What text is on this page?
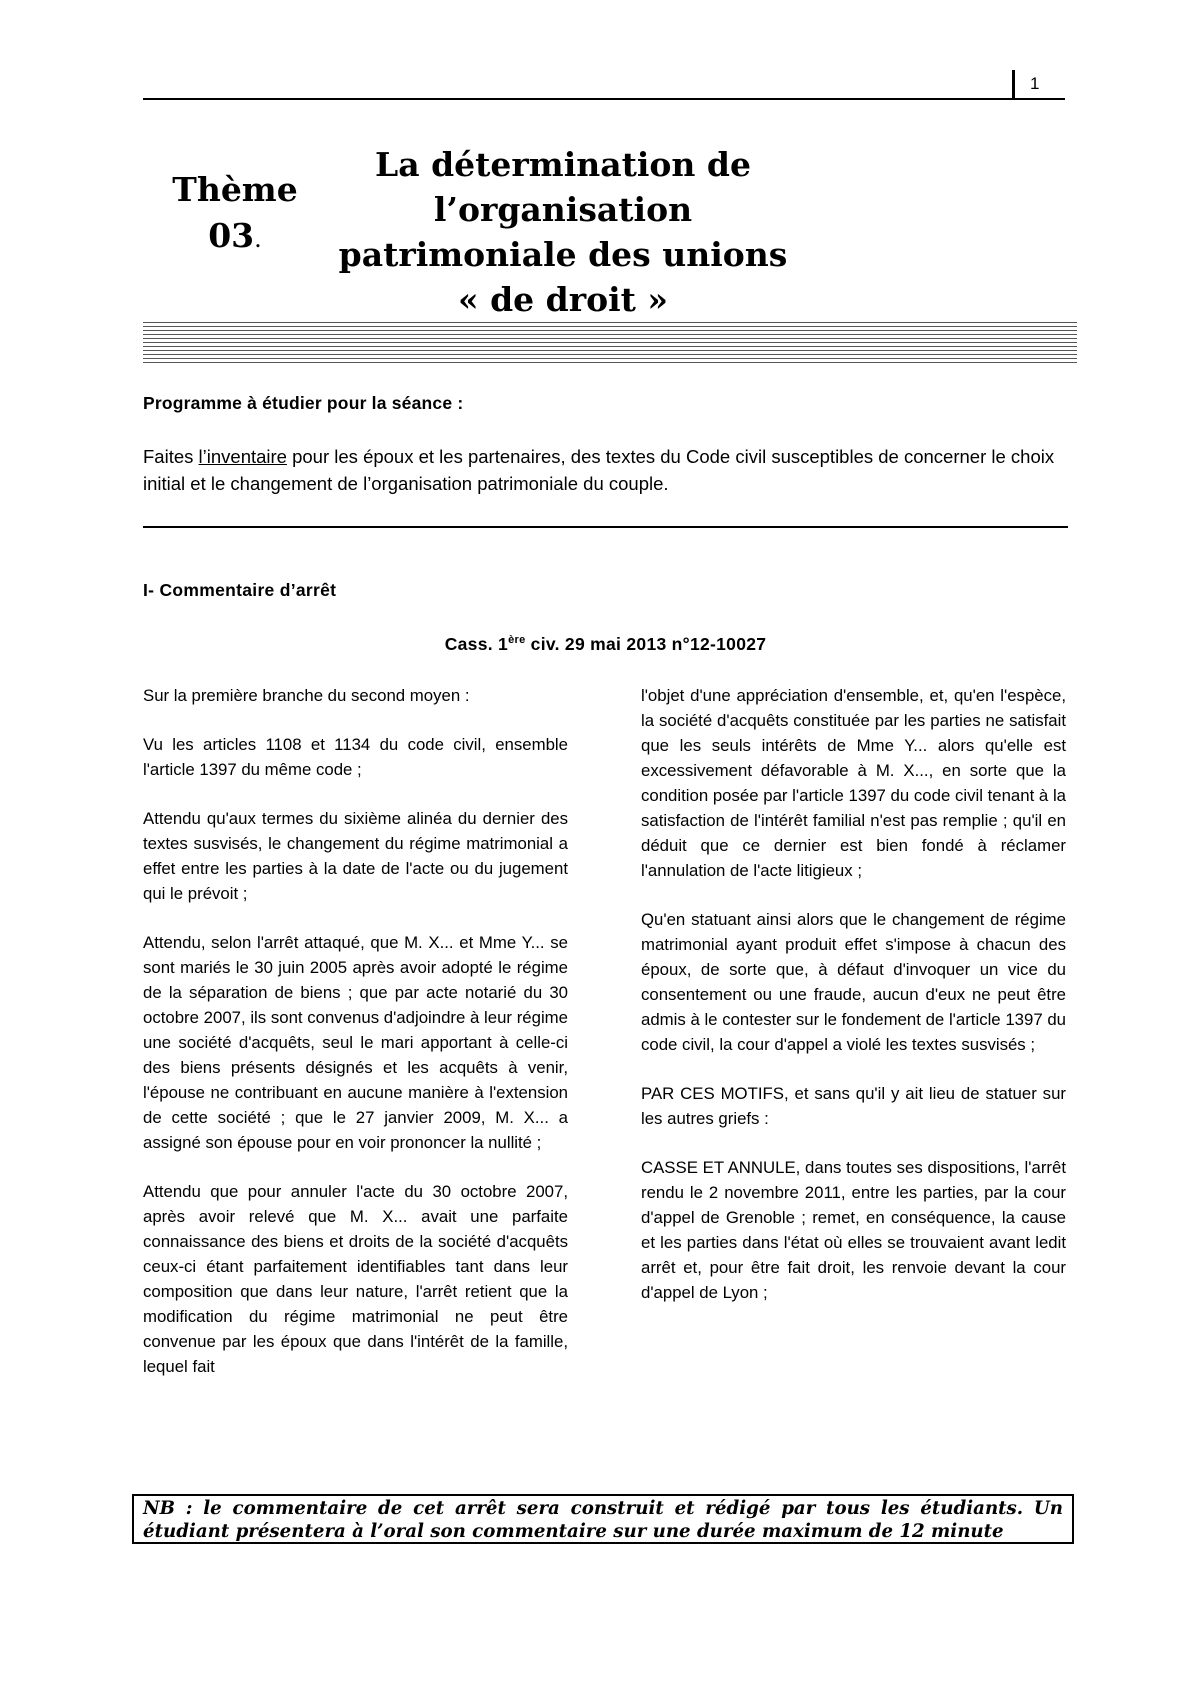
1
Thème 03.
La détermination de
l’organisation
patrimoniale des unions
« de droit »
Programme à étudier pour la séance :
Faites l’inventaire pour les époux et les partenaires, des textes du Code civil susceptibles de concerner le choix initial et le changement de l’organisation patrimoniale du couple.
I- Commentaire d’arrêt
Cass. 1ère civ. 29 mai 2013 n°12-10027

Sur la première branche du second moyen :

Vu les articles 1108 et 1134 du code civil, ensemble l'article 1397 du même code ;

Attendu qu'aux termes du sixième alinéa du dernier des textes susvisés, le changement du régime matrimonial a effet entre les parties à la date de l'acte ou du jugement qui le prévoit ;

Attendu, selon l'arrêt attaqué, que M. X... et Mme Y... se sont mariés le 30 juin 2005 après avoir adopté le régime de la séparation de biens ; que par acte notarié du 30 octobre 2007, ils sont convenus d'adjoindre à leur régime une société d'acquêts, seul le mari apportant à celle-ci des biens présents désignés et les acquêts à venir, l'épouse ne contribuant en aucune manière à l'extension de cette société ; que le 27 janvier 2009, M. X... a assigné son épouse pour en voir prononcer la nullité ;

Attendu que pour annuler l'acte du 30 octobre 2007, après avoir relevé que M. X... avait une parfaite connaissance des biens et droits de la société d'acquêts ceux-ci étant parfaitement identifiables tant dans leur composition que dans leur nature, l'arrêt retient que la modification du régime matrimonial ne peut être convenue par les époux que dans l'intérêt de la famille, lequel fait

l'objet d'une appréciation d'ensemble, et, qu'en l'espèce, la société d'acquêts constituée par les parties ne satisfait que les seuls intérêts de Mme Y... alors qu'elle est excessivement défavorable à M. X..., en sorte que la condition posée par l'article 1397 du code civil tenant à la satisfaction de l'intérêt familial n'est pas remplie ; qu'il en déduit que ce dernier est bien fondé à réclamer l'annulation de l'acte litigieux ;

Qu'en statuant ainsi alors que le changement de régime matrimonial ayant produit effet s'impose à chacun des époux, de sorte que, à défaut d'invoquer un vice du consentement ou une fraude, aucun d'eux ne peut être admis à le contester sur le fondement de l'article 1397 du code civil, la cour d'appel a violé les textes susvisés ;

PAR CES MOTIFS, et sans qu'il y ait lieu de statuer sur les autres griefs :

CASSE ET ANNULE, dans toutes ses dispositions, l'arrêt rendu le 2 novembre 2011, entre les parties, par la cour d'appel de Grenoble ; remet, en conséquence, la cause et les parties dans l'état où elles se trouvaient avant ledit arrêt et, pour être fait droit, les renvoie devant la cour d'appel de Lyon ;

NB : le commentaire de cet arrêt sera construit et rédigé par tous les étudiants. Un étudiant présentera à l’oral son commentaire sur une durée maximum de 12 minute
